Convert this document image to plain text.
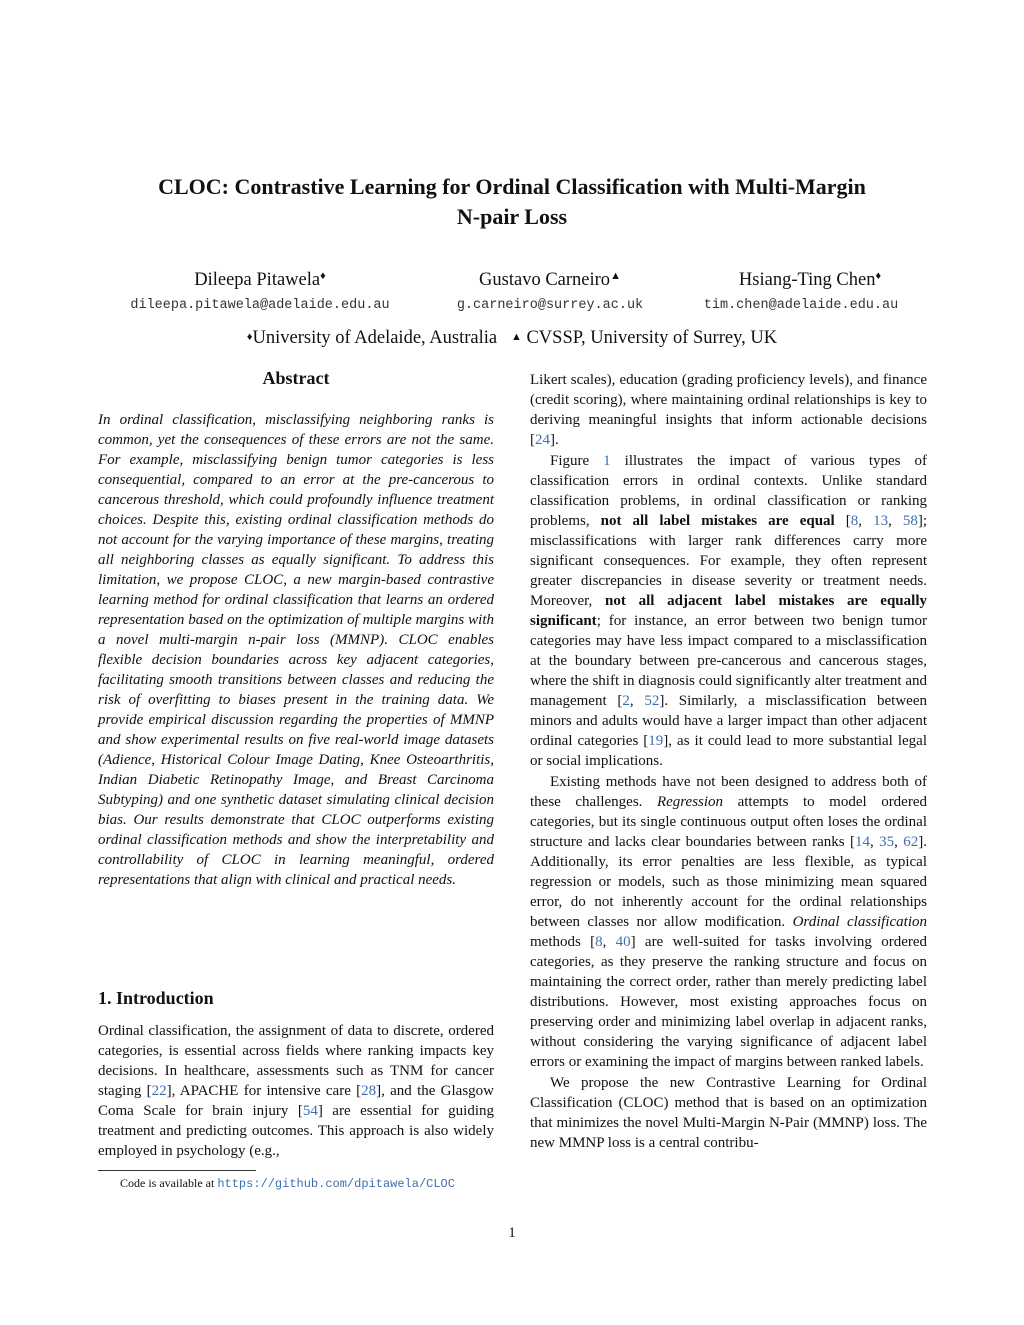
CLOC: Contrastive Learning for Ordinal Classification with Multi-Margin
N-pair Loss
Dileepa Pitawela♦	Gustavo Carneiro▲	Hsiang-Ting Chen♦
dileepa.pitawela@adelaide.edu.au	g.carneiro@surrey.ac.uk	tim.chen@adelaide.edu.au
♦University of Adelaide, Australia ▲ CVSSP, University of Surrey, UK
Abstract

In ordinal classification, misclassifying neighboring ranks is common, yet the consequences of these errors are not the same. For example, misclassifying benign tumor categories is less consequential, compared to an error at the pre-cancerous to cancerous threshold, which could profoundly influence treatment choices. Despite this, existing ordinal classification methods do not account for the varying importance of these margins, treating all neighboring classes as equally significant. To address this limitation, we propose CLOC, a new margin-based contrastive learning method for ordinal classification that learns an ordered representation based on the optimization of multiple margins with a novel multi-margin n-pair loss (MMNP). CLOC enables flexible decision boundaries across key adjacent categories, facilitating smooth transitions between classes and reducing the risk of overfitting to biases present in the training data. We provide empirical discussion regarding the properties of MMNP and show experimental results on five real-world image datasets (Adience, Historical Colour Image Dating, Knee Osteoarthritis, Indian Diabetic Retinopathy Image, and Breast Carcinoma Subtyping) and one synthetic dataset simulating clinical decision bias. Our results demonstrate that CLOC outperforms existing ordinal classification methods and show the interpretability and controllability of CLOC in learning meaningful, ordered representations that align with clinical and practical needs.

1. Introduction

Ordinal classification, the assignment of data to discrete, ordered categories, is essential across fields where ranking impacts key decisions. In healthcare, assessments such as TNM for cancer staging [22], APACHE for intensive care [28], and the Glasgow Coma Scale for brain injury [54] are essential for guiding treatment and predicting outcomes. This approach is also widely employed in psychology (e.g.,

Code is available at https://github.com/dpitawela/CLOC

Likert scales), education (grading proficiency levels), and finance (credit scoring), where maintaining ordinal relationships is key to deriving meaningful insights that inform actionable decisions [24].

Figure 1 illustrates the impact of various types of classification errors in ordinal contexts. Unlike standard classification problems, in ordinal classification or ranking problems, not all label mistakes are equal [8, 13, 58]; misclassifications with larger rank differences carry more significant consequences. For example, they often represent greater discrepancies in disease severity or treatment needs. Moreover, not all adjacent label mistakes are equally significant; for instance, an error between two benign tumor categories may have less impact compared to a misclassification at the boundary between pre-cancerous and cancerous stages, where the shift in diagnosis could significantly alter treatment and management [2, 52]. Similarly, a misclassification between minors and adults would have a larger impact than other adjacent ordinal categories [19], as it could lead to more substantial legal or social implications.

Existing methods have not been designed to address both of these challenges. Regression attempts to model ordered categories, but its single continuous output often loses the ordinal structure and lacks clear boundaries between ranks [14, 35, 62]. Additionally, its error penalties are less flexible, as typical regression or models, such as those minimizing mean squared error, do not inherently account for the ordinal relationships between classes nor allow modification. Ordinal classification methods [8, 40] are well-suited for tasks involving ordered categories, as they preserve the ranking structure and focus on maintaining the correct order, rather than merely predicting label distributions. However, most existing approaches focus on preserving order and minimizing label overlap in adjacent ranks, without considering the varying significance of adjacent label errors or examining the impact of margins between ranked labels.

We propose the new Contrastive Learning for Ordinal Classification (CLOC) method that is based on an optimization that minimizes the novel Multi-Margin N-Pair (MMNP) loss. The new MMNP loss is a central contribu-

1
